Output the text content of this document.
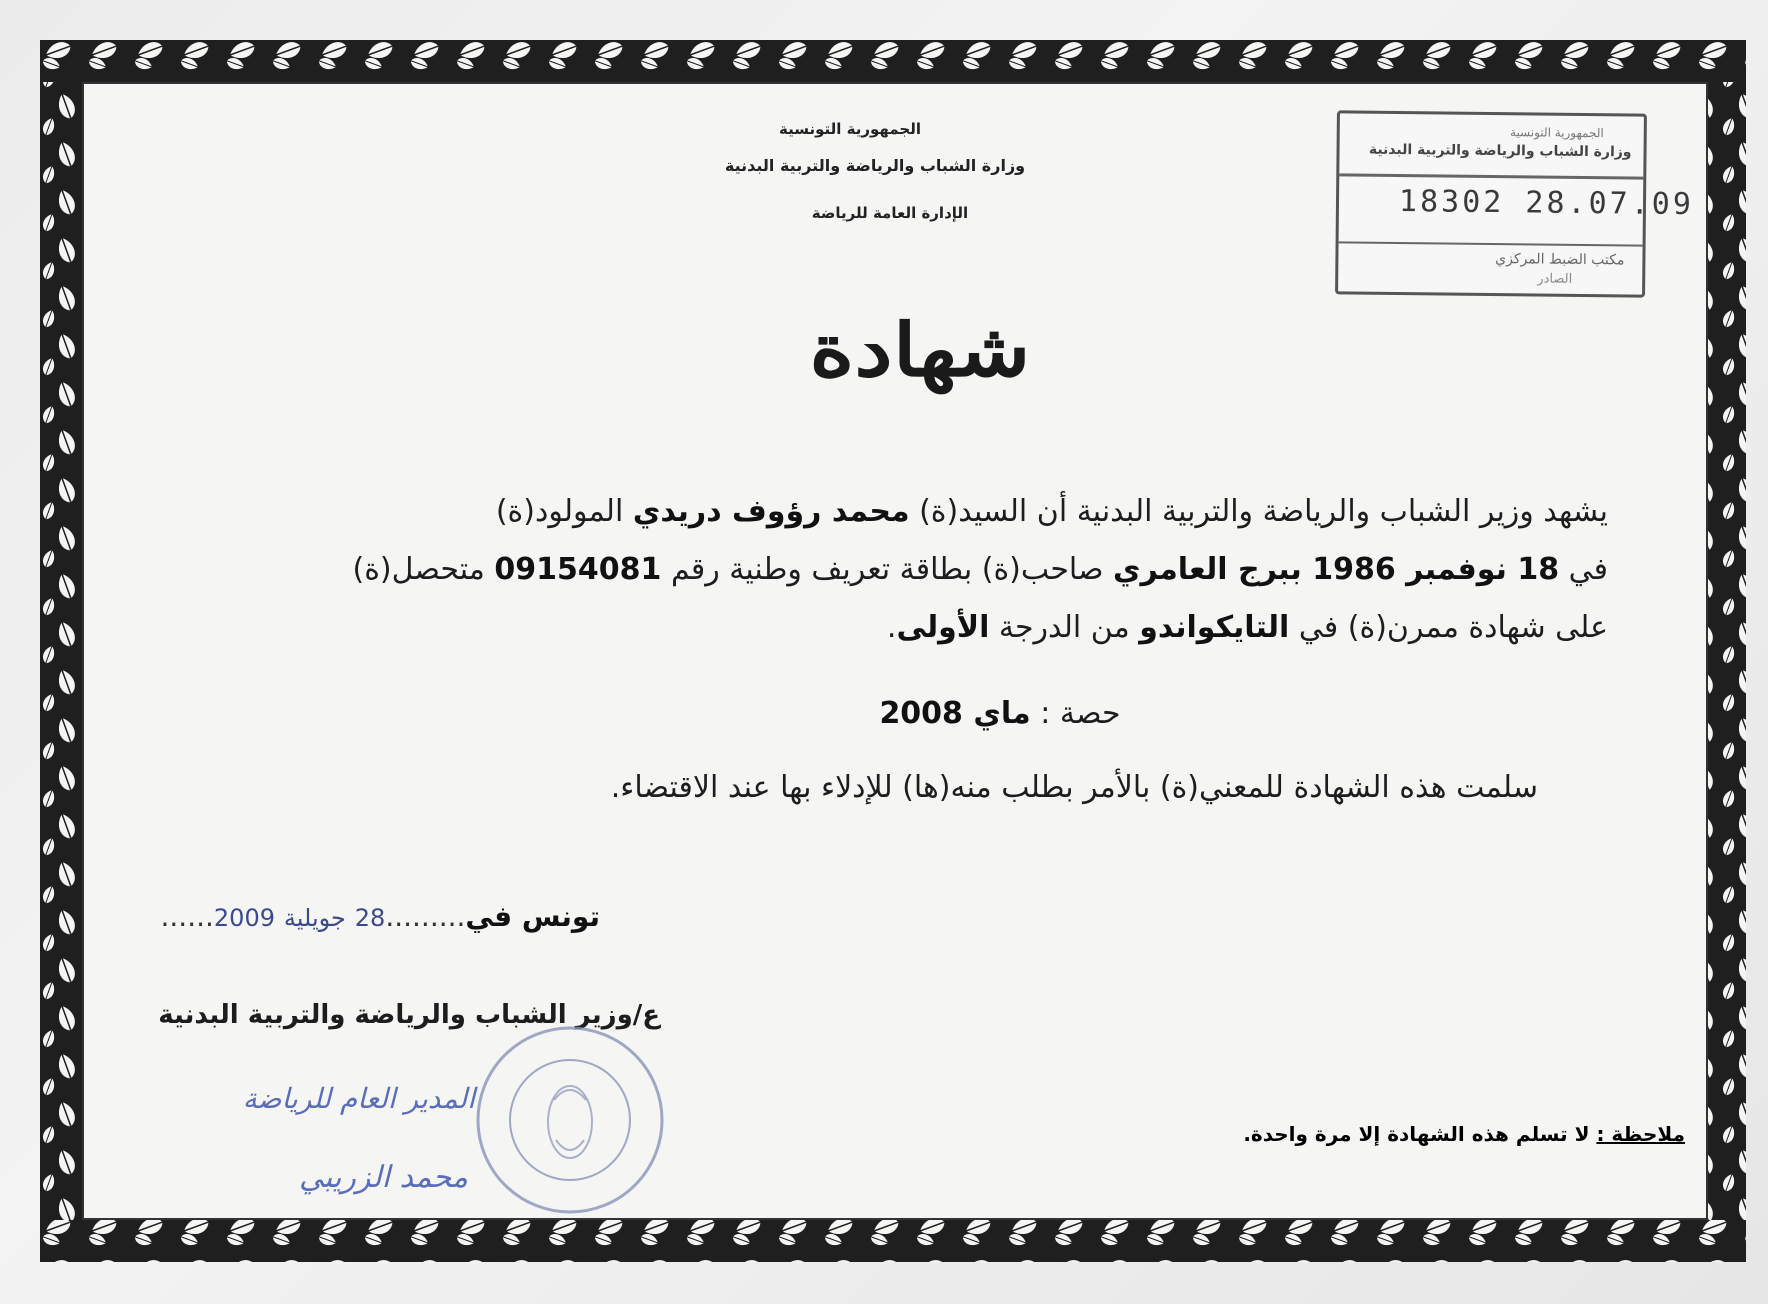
الجمهورية التونسية
وزارة الشباب والرياضة والتربية البدنية
الإدارة العامة للرياضة
الجمهورية التونسية
وزارة الشباب والرياضة والتربية البدنية
18302 28.07.09
مكتب الضبط المركزي
الصادر
شهادة
يشهد وزير الشباب والرياضة والتربية البدنية أن السيد(ة) محمد رؤوف دريدي المولود(ة)
في 18 نوفمبر 1986 ببرج العامري صاحب(ة) بطاقة تعريف وطنية رقم 09154081 متحصل(ة)
على شهادة ممرن(ة) في التايكواندو من الدرجة الأولى.
حصة : ماي 2008
سلمت هذه الشهادة للمعني(ة) بالأمر بطلب منه(ها) للإدلاء بها عند الاقتضاء.
تونس في.........28 جويلية 2009......
ع/وزير الشباب والرياضة والتربية البدنية
المدير العام للرياضة
محمد الزريبي
ملاحظة : لا تسلم هذه الشهادة إلا مرة واحدة.
